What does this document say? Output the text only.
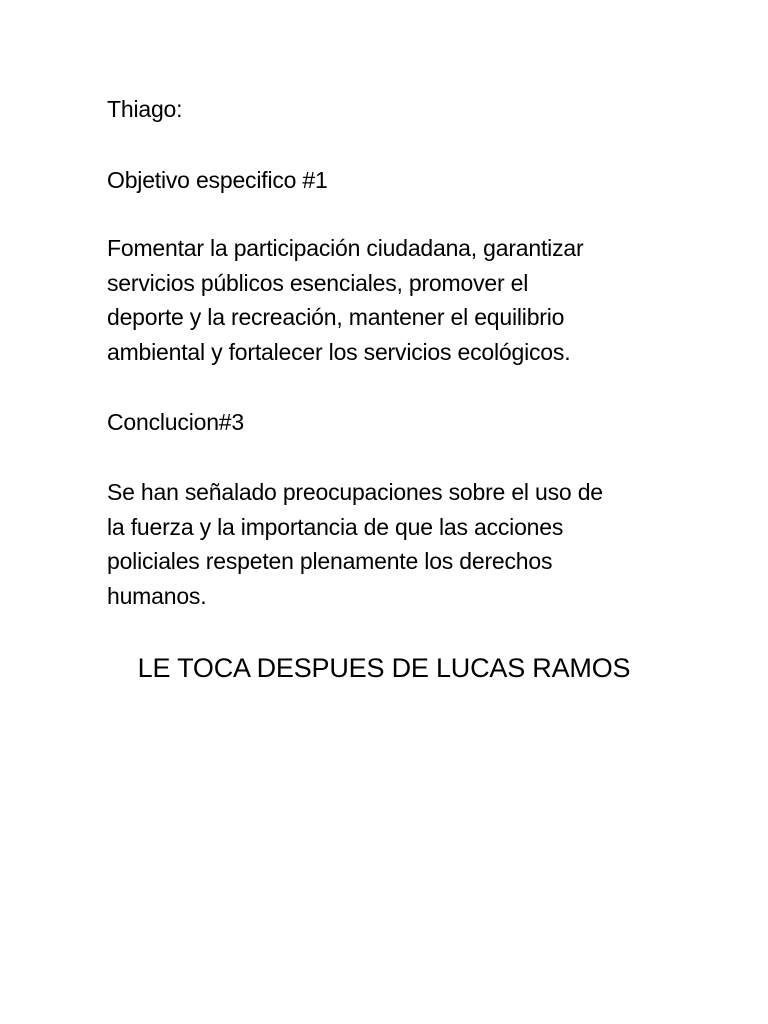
Thiago:
Objetivo especifico #1
Fomentar la participación ciudadana, garantizar
servicios públicos esenciales, promover el
deporte y la recreación, mantener el equilibrio
ambiental y fortalecer los servicios ecológicos.
Conclucion#3
Se han señalado preocupaciones sobre el uso de
la fuerza y la importancia de que las acciones
policiales respeten plenamente los derechos
humanos.
LE TOCA DESPUES DE LUCAS RAMOS
